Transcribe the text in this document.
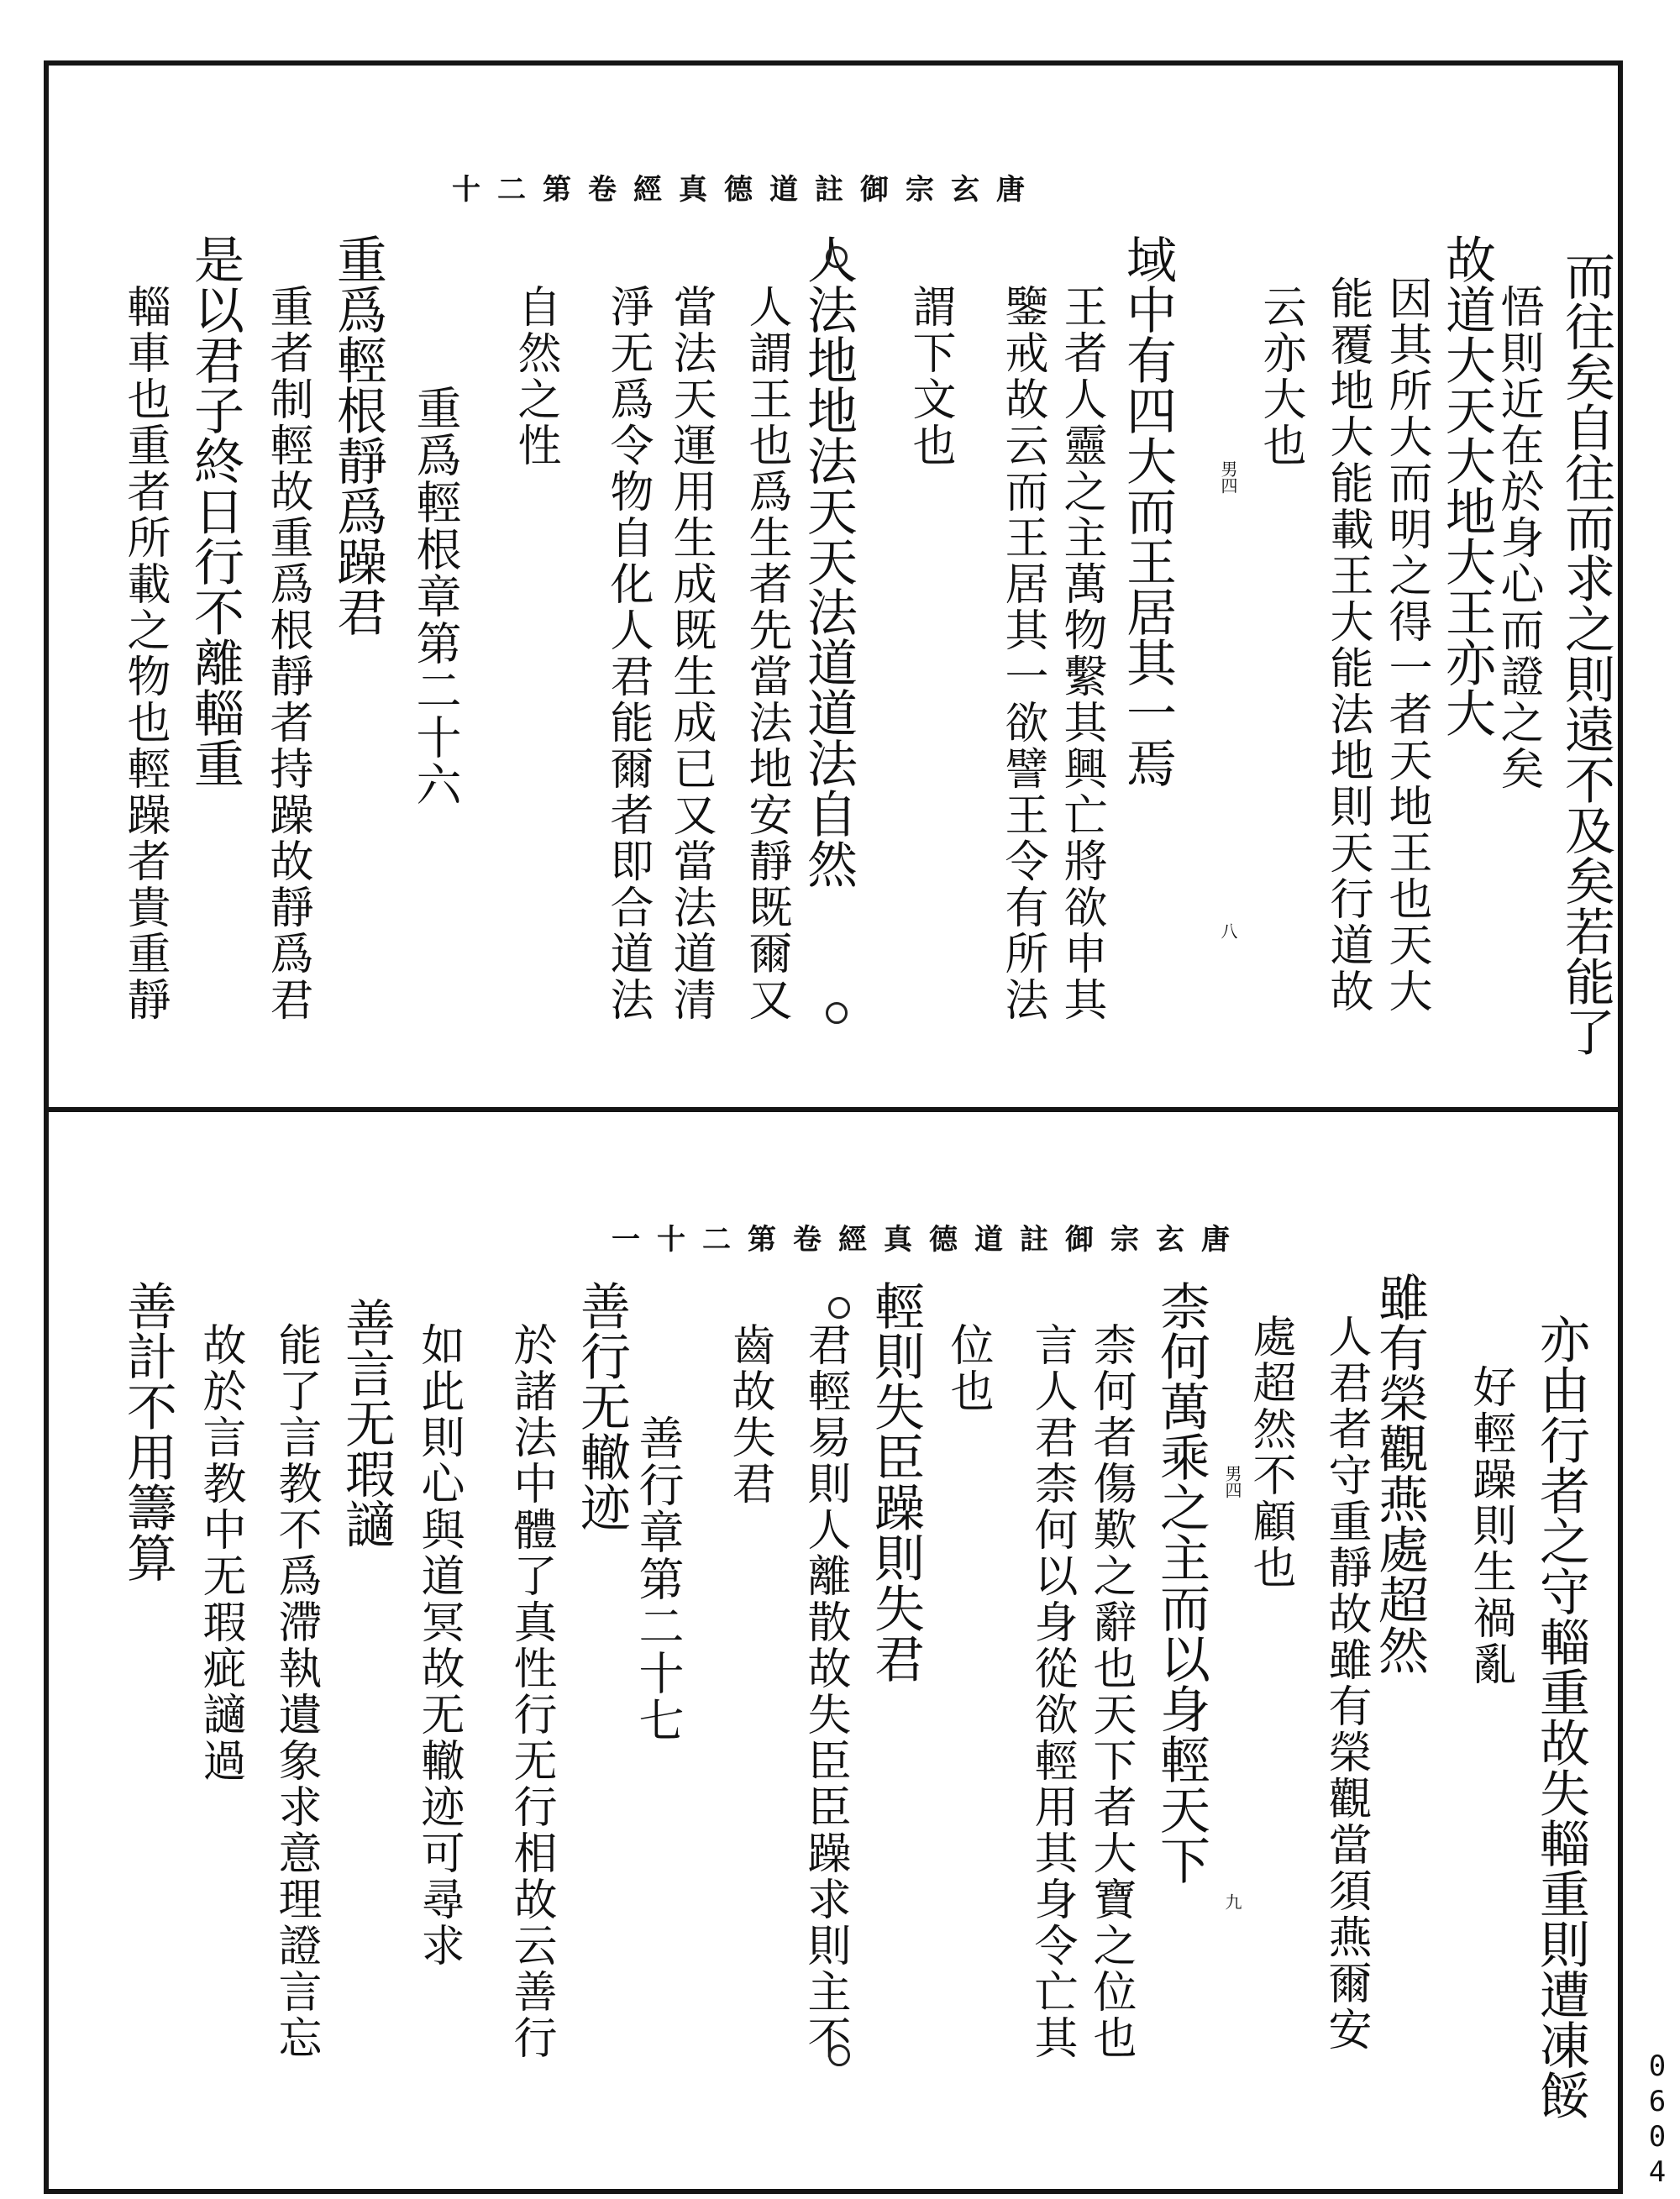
唐玄宗御註道德真經卷第二十
而往矣自往而求之則遠不及矣若能了
悟則近在於身心而證之矣
故道大天大地大王亦大
因其所大而明之得一者天地王也天大
能覆地大能載王大能法地則天行道故
云亦大也
域中有四大而王居其一焉
王者人靈之主萬物繫其興亡將欲申其
鑒戒故云而王居其一欲譬王令有所法
謂下文也
人法地地法天天法道道法自然
人謂王也爲生者先當法地安靜既爾又
當法天運用生成既生成已又當法道清
淨无爲令物自化人君能爾者即合道法
自然之性
重爲輕根章第二十六
重爲輕根靜爲躁君
重者制輕故重爲根靜者持躁故靜爲君
是以君子終日行不離輜重
輜車也重者所載之物也輕躁者貴重靜	男四
八
唐玄宗御註道德真經卷第二十一
亦由行者之守輜重故失輜重則遭凍餒
好輕躁則生禍亂
雖有榮觀燕處超然
人君者守重靜故雖有榮觀當須燕爾安
處超然不顧也
柰何萬乘之主而以身輕天下
柰何者傷歎之辭也天下者大寶之位也
言人君柰何以身從欲輕用其身令亡其
位也
輕則失臣躁則失君
君輕易則人離散故失臣臣躁求則主不
齒故失君
善行章第二十七
善行无轍迹
於諸法中體了真性行无行相故云善行
如此則心與道冥故无轍迹可尋求
善言无瑕讁
能了言教不爲滯執遺象求意理證言忘
故於言教中无瑕疵讁過
善計不用籌算	男四
九
0604
